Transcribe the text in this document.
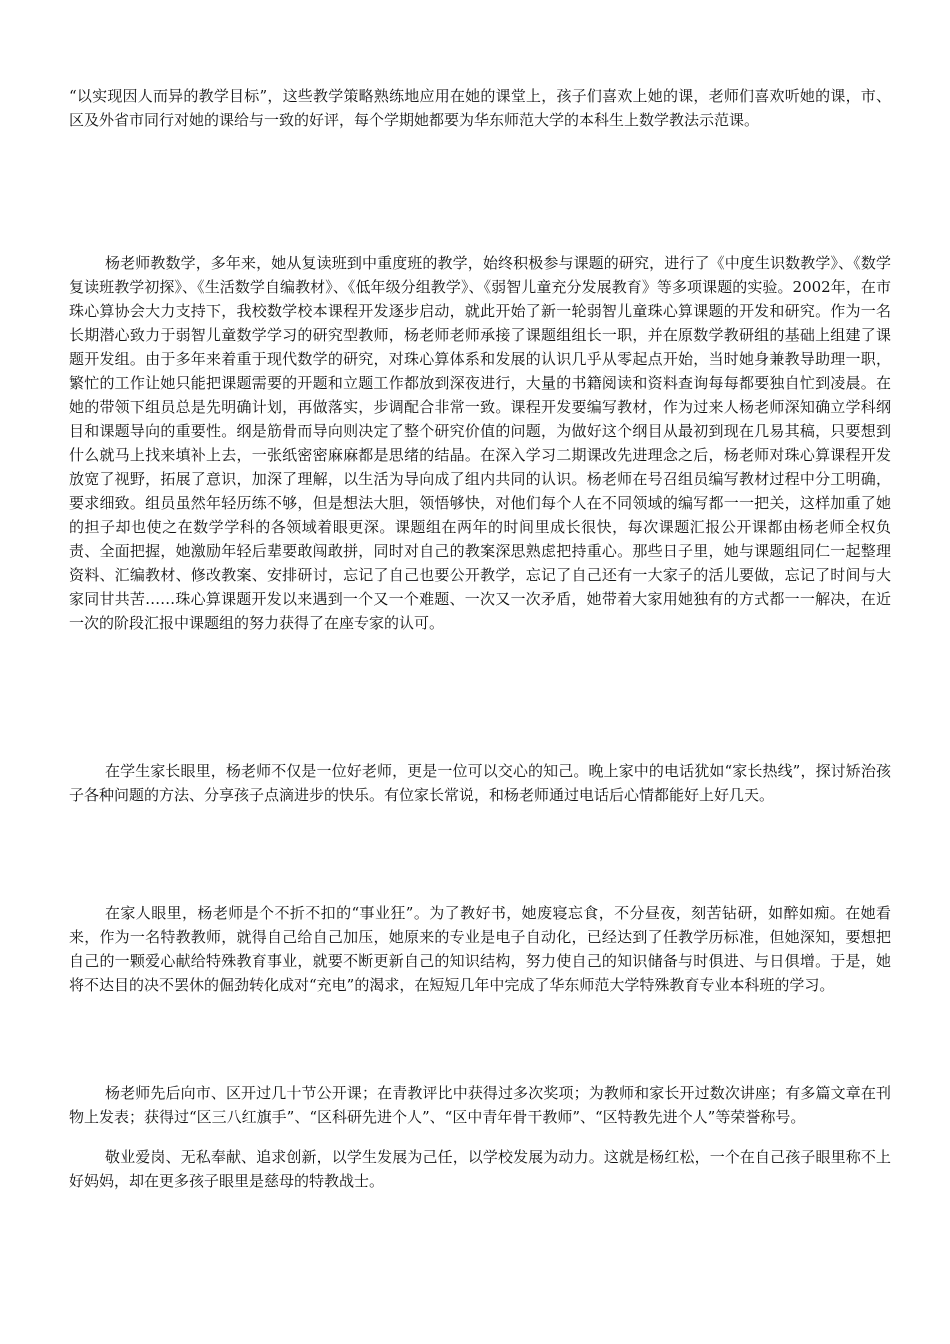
“以实现因人而异的教学目标”，这些教学策略熟练地应用在她的课堂上，孩子们喜欢上她的课，老师们喜欢听她的课，市、区及外省市同行对她的课给与一致的好评，每个学期她都要为华东师范大学的本科生上数学教法示范课。

杨老师教数学，多年来，她从复读班到中重度班的教学，始终积极参与课题的研究，进行了《中度生识数教学》、《数学复读班教学初探》、《生活数学自编教材》、《低年级分组教学》、《弱智儿童充分发展教育》等多项课题的实验。2002年，在市珠心算协会大力支持下，我校数学校本课程开发逐步启动，就此开始了新一轮弱智儿童珠心算课题的开发和研究。作为一名长期潜心致力于弱智儿童数学学习的研究型教师，杨老师老师承接了课题组组长一职，并在原数学教研组的基础上组建了课题开发组。由于多年来着重于现代数学的研究，对珠心算体系和发展的认识几乎从零起点开始，当时她身兼教导助理一职，繁忙的工作让她只能把课题需要的开题和立题工作都放到深夜进行，大量的书籍阅读和资料查询每每都要独自忙到凌晨。在她的带领下组员总是先明确计划，再做落实，步调配合非常一致。课程开发要编写教材，作为过来人杨老师深知确立学科纲目和课题导向的重要性。纲是筋骨而导向则决定了整个研究价值的问题，为做好这个纲目从最初到现在几易其稿，只要想到什么就马上找来填补上去，一张纸密密麻麻都是思绪的结晶。在深入学习二期课改先进理念之后，杨老师对珠心算课程开发放宽了视野，拓展了意识，加深了理解，以生活为导向成了组内共同的认识。杨老师在号召组员编写教材过程中分工明确，要求细致。组员虽然年轻历练不够，但是想法大胆，领悟够快，对他们每个人在不同领域的编写都一一把关，这样加重了她的担子却也使之在数学学科的各领域着眼更深。课题组在两年的时间里成长很快，每次课题汇报公开课都由杨老师全权负责、全面把握，她激励年轻后辈要敢闯敢拼，同时对自己的教案深思熟虑把持重心。那些日子里，她与课题组同仁一起整理资料、汇编教材、修改教案、安排研讨，忘记了自己也要公开教学，忘记了自己还有一大家子的活儿要做，忘记了时间与大家同甘共苦……珠心算课题开发以来遇到一个又一个难题、一次又一次矛盾，她带着大家用她独有的方式都一一解决，在近一次的阶段汇报中课题组的努力获得了在座专家的认可。

在学生家长眼里，杨老师不仅是一位好老师，更是一位可以交心的知己。晚上家中的电话犹如“家长热线”，探讨矫治孩子各种问题的方法、分享孩子点滴进步的快乐。有位家长常说，和杨老师通过电话后心情都能好上好几天。

在家人眼里，杨老师是个不折不扣的“事业狂”。为了教好书，她废寝忘食，不分昼夜，刻苦钻研，如醉如痴。在她看来，作为一名特教教师，就得自己给自己加压，她原来的专业是电子自动化，已经达到了任教学历标准，但她深知，要想把自己的一颗爱心献给特殊教育事业，就要不断更新自己的知识结构，努力使自己的知识储备与时俱进、与日俱增。于是，她将不达目的决不罢休的倔劲转化成对“充电”的渴求，在短短几年中完成了华东师范大学特殊教育专业本科班的学习。

杨老师先后向市、区开过几十节公开课；在青教评比中获得过多次奖项；为教师和家长开过数次讲座；有多篇文章在刊物上发表；获得过“区三八红旗手”、“区科研先进个人”、“区中青年骨干教师”、“区特教先进个人”等荣誉称号。

敬业爱岗、无私奉献、追求创新，以学生发展为己任，以学校发展为动力。这就是杨红松，一个在自己孩子眼里称不上好妈妈，却在更多孩子眼里是慈母的特教战士。
